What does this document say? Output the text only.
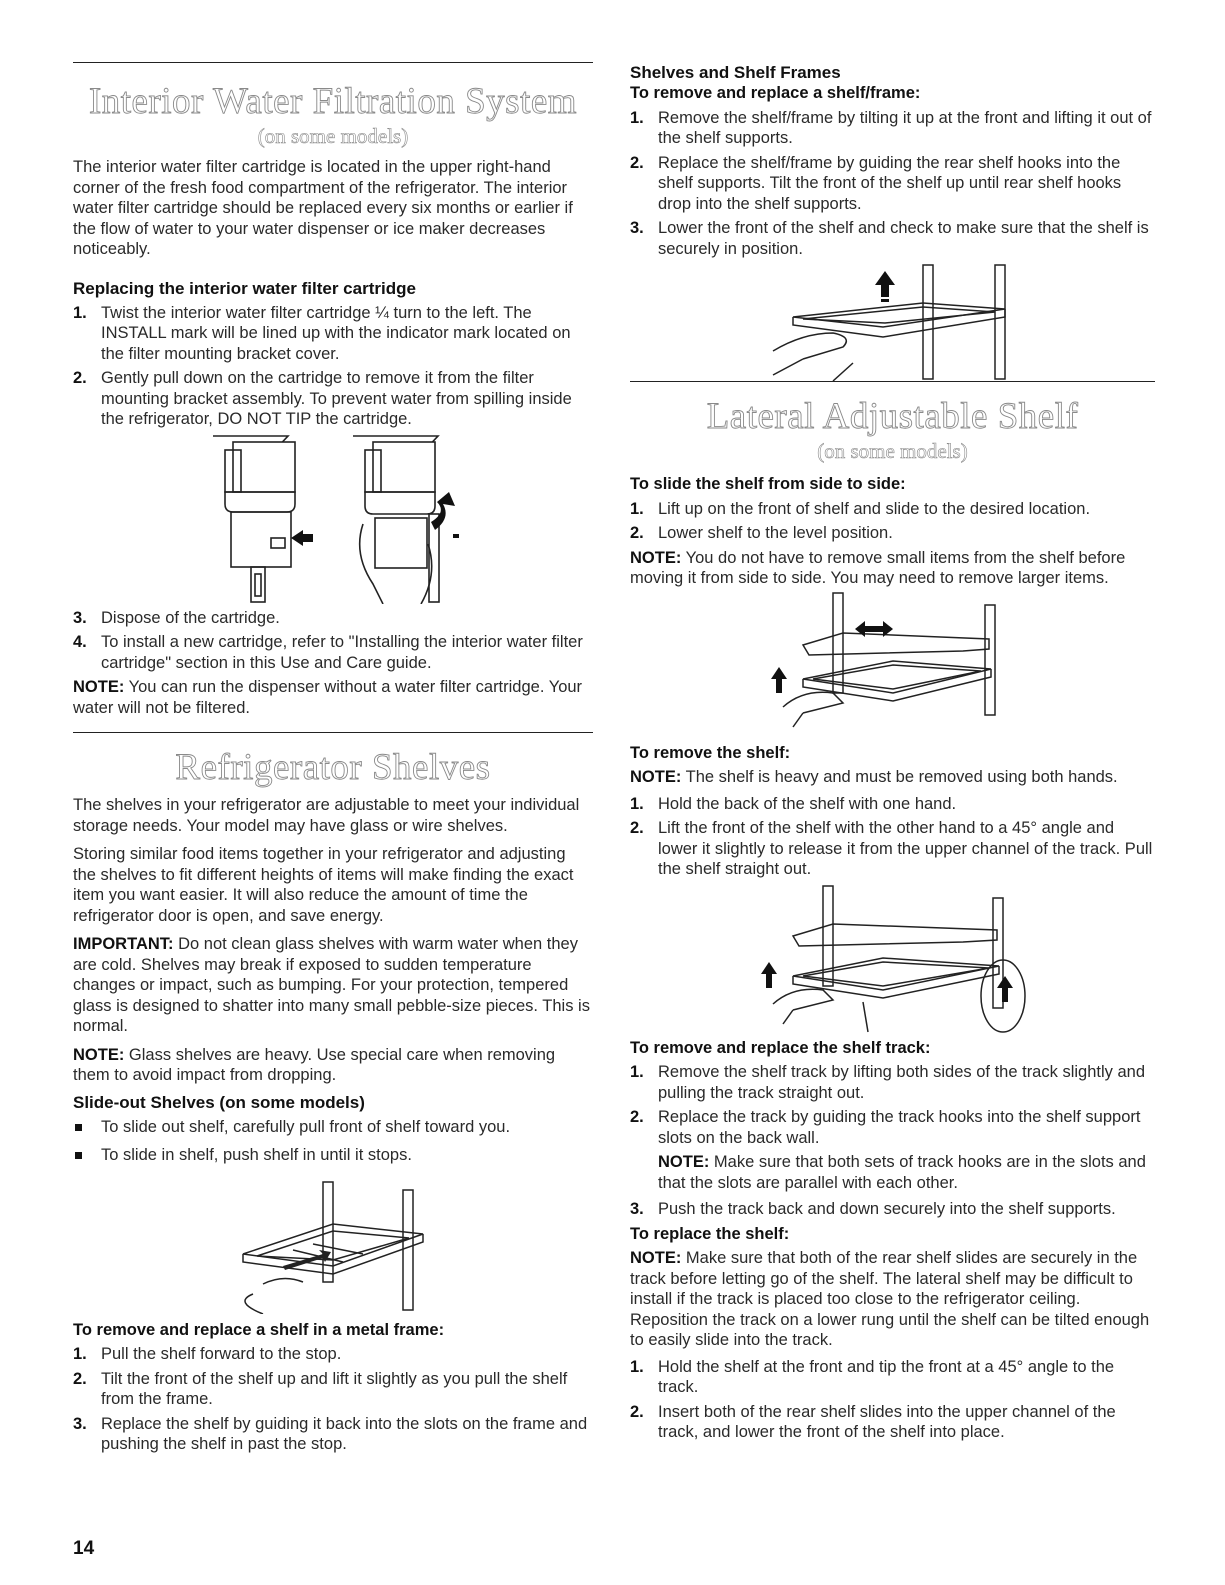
Interior Water Filtration System
(on some models)

The interior water filter cartridge is located in the upper right-hand corner of the fresh food compartment of the refrigerator. The interior water filter cartridge should be replaced every six months or earlier if the flow of water to your water dispenser or ice maker decreases noticeably.

Replacing the interior water filter cartridge
1. Twist the interior water filter cartridge ¼ turn to the left. The INSTALL mark will be lined up with the indicator mark located on the filter mounting bracket cover.
2. Gently pull down on the cartridge to remove it from the filter mounting bracket assembly. To prevent water from spilling inside the refrigerator, DO NOT TIP the cartridge.
3. Dispose of the cartridge.
4. To install a new cartridge, refer to "Installing the interior water filter cartridge" section in this Use and Care guide.

NOTE: You can run the dispenser without a water filter cartridge. Your water will not be filtered.

Refrigerator Shelves

The shelves in your refrigerator are adjustable to meet your individual storage needs. Your model may have glass or wire shelves.

Storing similar food items together in your refrigerator and adjusting the shelves to fit different heights of items will make finding the exact item you want easier. It will also reduce the amount of time the refrigerator door is open, and save energy.

IMPORTANT: Do not clean glass shelves with warm water when they are cold. Shelves may break if exposed to sudden temperature changes or impact, such as bumping. For your protection, tempered glass is designed to shatter into many small pebble-size pieces. This is normal.

NOTE: Glass shelves are heavy. Use special care when removing them to avoid impact from dropping.

Slide-out Shelves (on some models)
To slide out shelf, carefully pull front of shelf toward you.
To slide in shelf, push shelf in until it stops.
To remove and replace a shelf in a metal frame:
1. Pull the shelf forward to the stop.
2. Tilt the front of the shelf up and lift it slightly as you pull the shelf from the frame.
3. Replace the shelf by guiding it back into the slots on the frame and pushing the shelf in past the stop.
Shelves and Shelf Frames
To remove and replace a shelf/frame:
1. Remove the shelf/frame by tilting it up at the front and lifting it out of the shelf supports.
2. Replace the shelf/frame by guiding the rear shelf hooks into the shelf supports. Tilt the front of the shelf up until rear shelf hooks drop into the shelf supports.
3. Lower the front of the shelf and check to make sure that the shelf is securely in position.
Lateral Adjustable Shelf
(on some models)
To slide the shelf from side to side:
1. Lift up on the front of shelf and slide to the desired location.
2. Lower shelf to the level position.

NOTE: You do not have to remove small items from the shelf before moving it from side to side. You may need to remove larger items.

To remove the shelf:

NOTE: The shelf is heavy and must be removed using both hands.

1. Hold the back of the shelf with one hand.
2. Lift the front of the shelf with the other hand to a 45° angle and lower it slightly to release it from the upper channel of the track. Pull the shelf straight out.
To remove and replace the shelf track:
1. Remove the shelf track by lifting both sides of the track slightly and pulling the track straight out.
2. Replace the track by guiding the track hooks into the shelf support slots on the back wall.

NOTE: Make sure that both sets of track hooks are in the slots and that the slots are parallel with each other.

3. Push the track back and down securely into the shelf supports.
To replace the shelf:

NOTE: Make sure that both of the rear shelf slides are securely in the track before letting go of the shelf. The lateral shelf may be difficult to install if the track is placed too close to the refrigerator ceiling. Reposition the track on a lower rung until the shelf can be tilted enough to easily slide into the track.

1. Hold the shelf at the front and tip the front at a 45° angle to the track.
2. Insert both of the rear shelf slides into the upper channel of the track, and lower the front of the shelf into place.
14
